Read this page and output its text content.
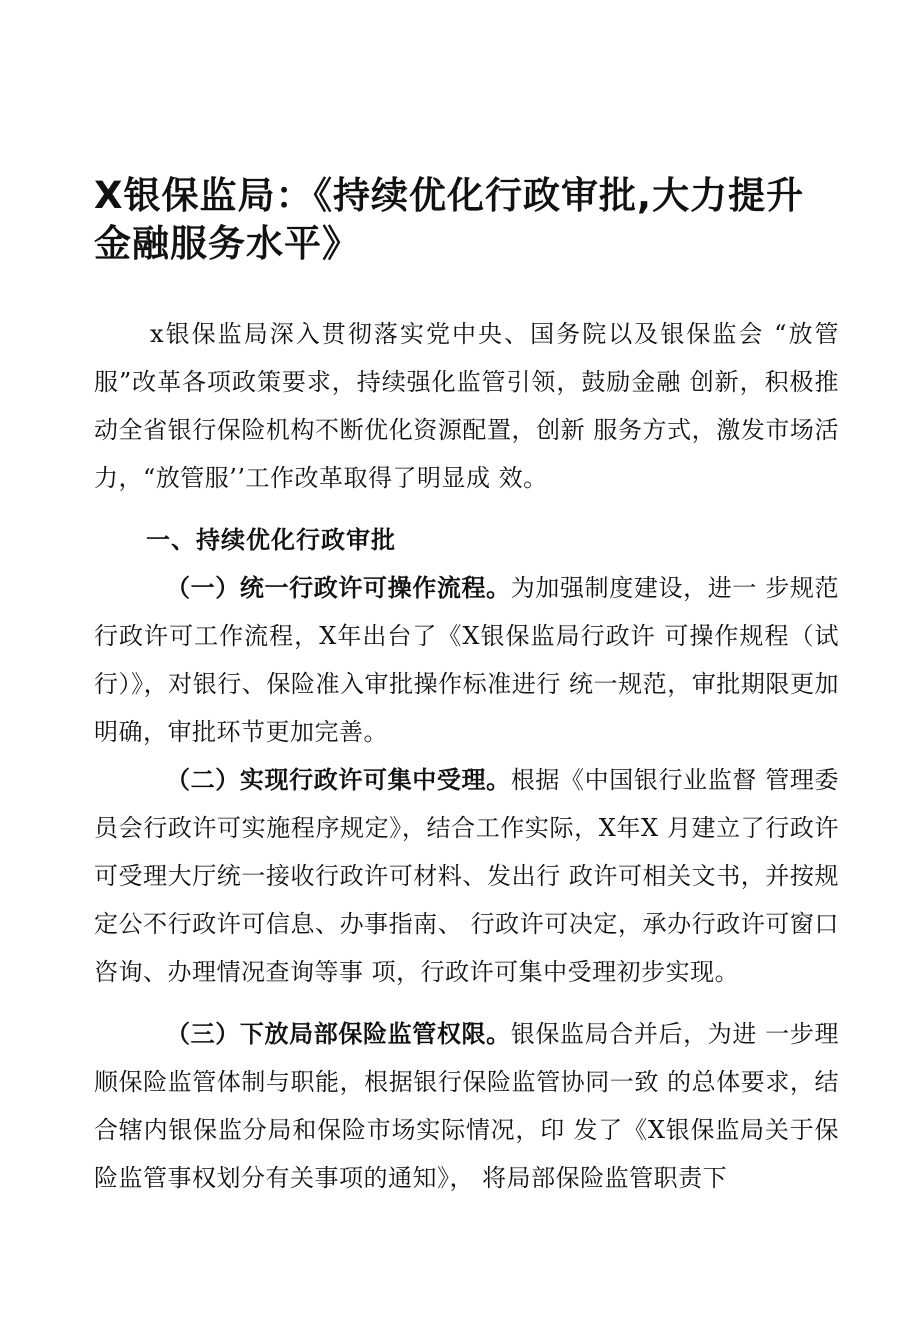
X银保监局：《持续优化行政审批,大力提升金融服务水平》

x银保监局深入贯彻落实党中央、国务院以及银保监会 “放管服”改革各项政策要求，持续强化监管引领，鼓励金融 创新，积极推动全省银行保险机构不断优化资源配置，创新 服务方式，激发市场活力，“放管服’’工作改革取得了明显成 效。

一、持续优化行政审批

（一）统一行政许可操作流程。为加强制度建设，进一 步规范行政许可工作流程，X年出台了《X银保监局行政许 可操作规程（试行）》，对银行、保险准入审批操作标准进行 统一规范，审批期限更加明确，审批环节更加完善。

（二）实现行政许可集中受理。根据《中国银行业监督 管理委员会行政许可实施程序规定》，结合工作实际，X年X 月建立了行政许可受理大厅统一接收行政许可材料、发出行 政许可相关文书，并按规定公不行政许可信息、办事指南、 行政许可决定，承办行政许可窗口咨询、办理情况查询等事 项，行政许可集中受理初步实现。

（三）下放局部保险监管权限。银保监局合并后，为进 一步理顺保险监管体制与职能，根据银行保险监管协同一致 的总体要求，结合辖内银保监分局和保险市场实际情况，印 发了《X银保监局关于保险监管事权划分有关事项的通知》， 将局部保险监管职责下
